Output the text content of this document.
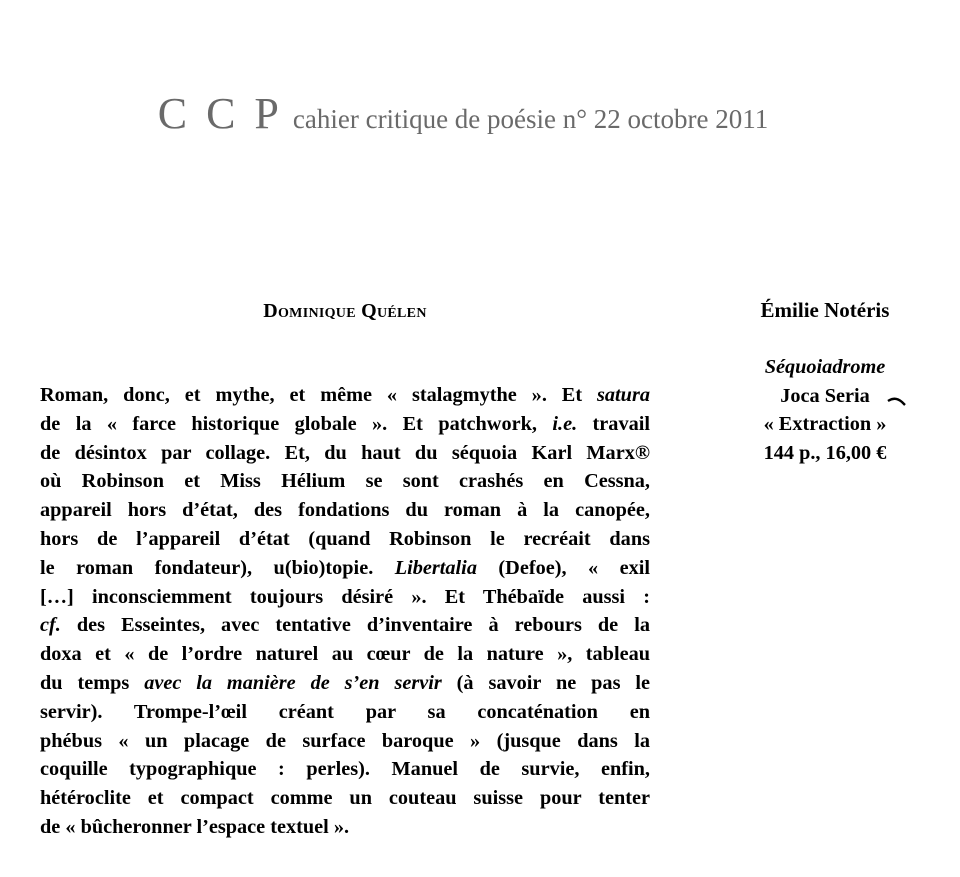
C C P cahier critique de poésie n° 22 octobre 2011
Dominique Quélen

Roman, donc, et mythe, et même « stalagmythe ». Et satura
de la « farce historique globale ». Et patchwork, i.e. travail
de désintox par collage. Et, du haut du séquoia Karl Marx®
où Robinson et Miss Hélium se sont crashés en Cessna,
appareil hors d’état, des fondations du roman à la canopée,
hors de l’appareil d’état (quand Robinson le recréait dans
le roman fondateur), u(bio)topie. Libertalia (Defoe), « exil
[…] inconsciemment toujours désiré ». Et Thébaïde aussi :
cf. des Esseintes, avec tentative d’inventaire à rebours de la
doxa et « de l’ordre naturel au cœur de la nature », tableau
du temps avec la manière de s’en servir (à savoir ne pas le
servir). Trompe-l’œil créant par sa concaténation en
phébus « un placage de surface baroque » (jusque dans la
coquille typographique : perles). Manuel de survie, enfin,
hétéroclite et compact comme un couteau suisse pour tenter
de « bûcheronner l’espace textuel ».

Émilie Notéris
Séquoiadrome
Joca Seria
« Extraction »
144 p., 16,00 €
